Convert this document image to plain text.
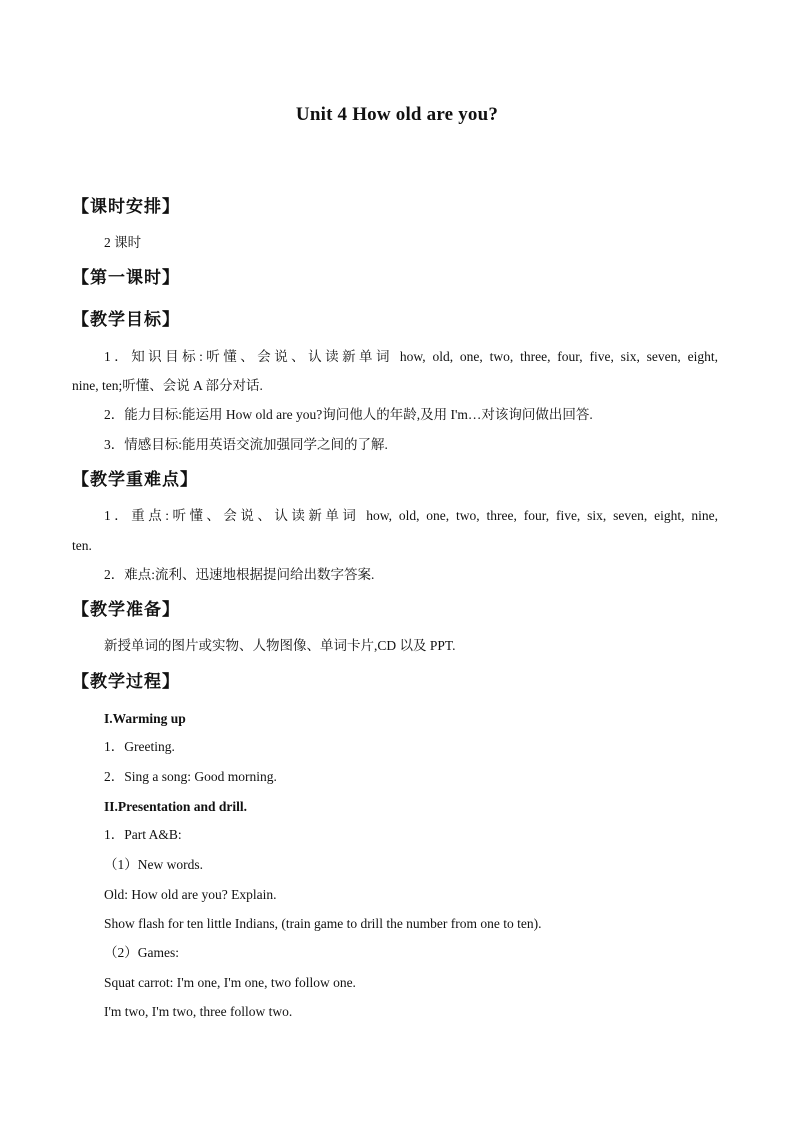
Unit 4 How old are you?
【课时安排】
2 课时
【第一课时】
【教学目标】
1．知识目标:听懂、会说、认读新单词 how, old, one, two, three, four, five, six, seven, eight,
nine, ten;听懂、会说 A 部分对话.
2．能力目标:能运用 How old are you?询问他人的年龄,及用 I'm…对该询问做出回答.
3．情感目标:能用英语交流加强同学之间的了解.
【教学重难点】
1．重点:听懂、会说、认读新单词 how, old, one, two, three, four, five, six, seven, eight, nine,
ten.
2．难点:流利、迅速地根据提问给出数字答案.
【教学准备】
新授单词的图片或实物、人物图像、单词卡片,CD 以及 PPT.
【教学过程】
I.Warming up
1．Greeting.
2．Sing a song: Good morning.
II.Presentation and drill.
1．Part A&B:
（1）New words.
Old: How old are you? Explain.
Show flash for ten little Indians, (train game to drill the number from one to ten).
（2）Games:
Squat carrot: I'm one, I'm one, two follow one.
I'm two, I'm two, three follow two.
